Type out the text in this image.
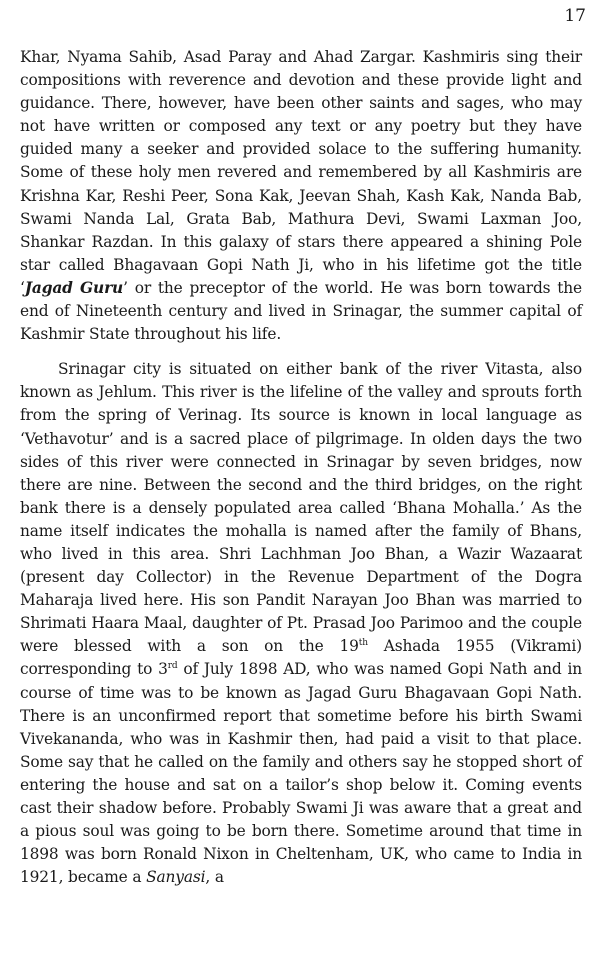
17

Khar, Nyama Sahib, Asad Paray and Ahad Zargar. Kashmiris sing their compositions with reverence and devotion and these provide light and guidance. There, however, have been other saints and sages, who may not have written or composed any text or any poetry but they have guided many a seeker and provided solace to the suffering humanity. Some of these holy men revered and remembered by all Kashmiris are Krishna Kar, Reshi Peer, Sona Kak, Jeevan Shah, Kash Kak, Nanda Bab, Swami Nanda Lal, Grata Bab, Mathura Devi, Swami Laxman Joo, Shankar Razdan. In this galaxy of stars there appeared a shining Pole star called Bhagavaan Gopi Nath Ji, who in his lifetime got the title ‘Jagad Guru’ or the preceptor of the world. He was born towards the end of Nineteenth century and lived in Srinagar, the summer capital of Kashmir State throughout his life.

Srinagar city is situated on either bank of the river Vitasta, also known as Jehlum. This river is the lifeline of the valley and sprouts forth from the spring of Verinag. Its source is known in local language as ‘Vethavotur’ and is a sacred place of pilgrimage. In olden days the two sides of this river were connected in Srinagar by seven bridges, now there are nine. Between the second and the third bridges, on the right bank there is a densely populated area called ‘Bhana Mohalla.’ As the name itself indicates the mohalla is named after the family of Bhans, who lived in this area. Shri Lachhman Joo Bhan, a Wazir Wazaarat (present day Collector) in the Revenue Department of the Dogra Maharaja lived here. His son Pandit Narayan Joo Bhan was married to Shrimati Haara Maal, daughter of Pt. Prasad Joo Parimoo and the couple were blessed with a son on the 19th Ashada 1955 (Vikrami) corresponding to 3rd of July 1898 AD, who was named Gopi Nath and in course of time was to be known as Jagad Guru Bhagavaan Gopi Nath. There is an unconfirmed report that sometime before his birth Swami Vivekananda, who was in Kashmir then, had paid a visit to that place. Some say that he called on the family and others say he stopped short of entering the house and sat on a tailor’s shop below it. Coming events cast their shadow before. Probably Swami Ji was aware that a great and a pious soul was going to be born there. Sometime around that time in 1898 was born Ronald Nixon in Cheltenham, UK, who came to India in 1921, became a Sanyasi, a
